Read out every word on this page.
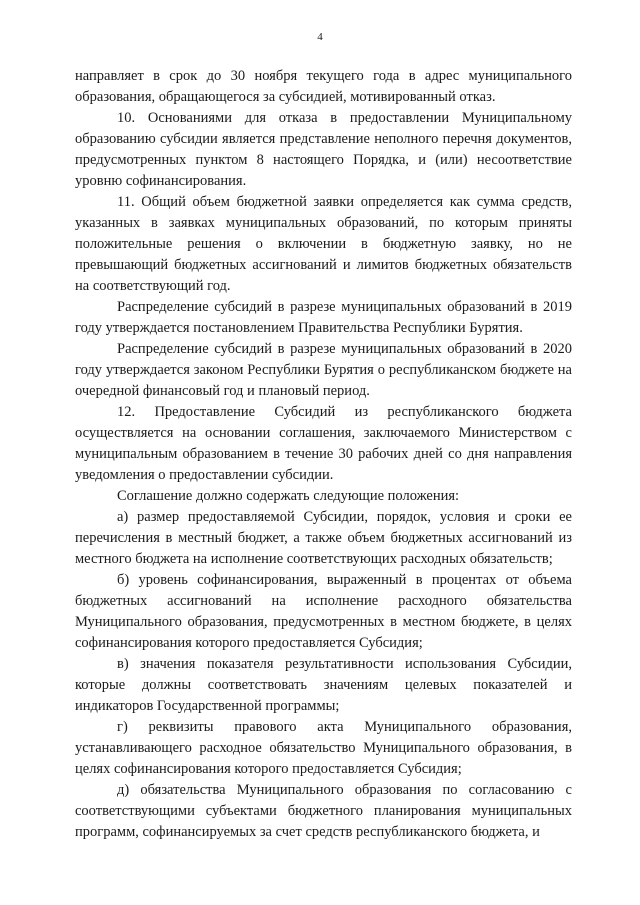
4

направляет в срок до 30 ноября текущего года в адрес муниципального образования, обращающегося за субсидией, мотивированный отказ.

10. Основаниями для отказа в предоставлении Муниципальному образованию субсидии является представление неполного перечня документов, предусмотренных пунктом 8 настоящего Порядка, и (или) несоответствие уровню софинансирования.

11. Общий объем бюджетной заявки определяется как сумма средств, указанных в заявках муниципальных образований, по которым приняты положительные решения о включении в бюджетную заявку, но не превышающий бюджетных ассигнований и лимитов бюджетных обязательств на соответствующий год.

Распределение субсидий в разрезе муниципальных образований в 2019 году утверждается постановлением Правительства Республики Бурятия.

Распределение субсидий в разрезе муниципальных образований в 2020 году утверждается законом Республики Бурятия о республиканском бюджете на очередной финансовый год и плановый период.

12. Предоставление Субсидий из республиканского бюджета осуществляется на основании соглашения, заключаемого Министерством с муниципальным образованием в течение 30 рабочих дней со дня направления уведомления о предоставлении субсидии.

Соглашение должно содержать следующие положения:

а) размер предоставляемой Субсидии, порядок, условия и сроки ее перечисления в местный бюджет, а также объем бюджетных ассигнований из местного бюджета на исполнение соответствующих расходных обязательств;

б) уровень софинансирования, выраженный в процентах от объема бюджетных ассигнований на исполнение расходного обязательства Муниципального образования, предусмотренных в местном бюджете, в целях софинансирования которого предоставляется Субсидия;

в) значения показателя результативности использования Субсидии, которые должны соответствовать значениям целевых показателей и индикаторов Государственной программы;

г) реквизиты правового акта Муниципального образования, устанавливающего расходное обязательство Муниципального образования, в целях софинансирования которого предоставляется Субсидия;

д) обязательства Муниципального образования по согласованию с соответствующими субъектами бюджетного планирования муниципальных программ, софинансируемых за счет средств республиканского бюджета, и
